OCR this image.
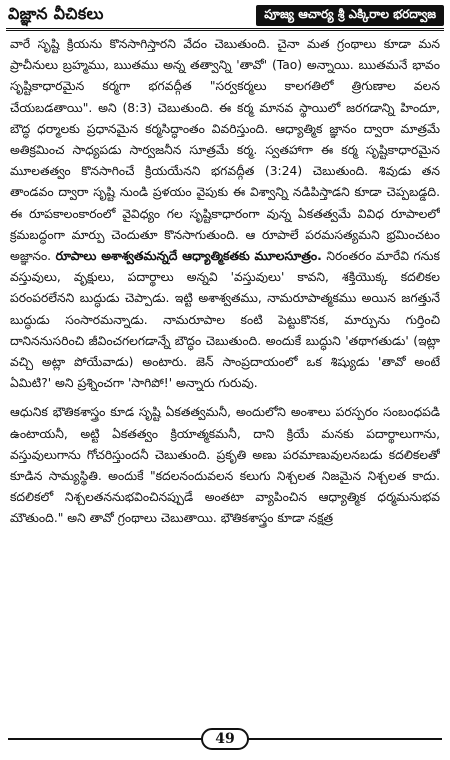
విజ్ఞాన వీచికలు	పూజ్య ఆచార్య శ్రీ ఎక్కిరాల భరద్వాజ

వారే సృష్టి క్రియను కొనసాగిస్తారని వేదం చెబుతుంది. చైనా మత గ్రంథాలు కూడా మన ప్రాచీనులు బ్రహ్మము, ఋతము అన్న తత్వాన్ని 'తావో' (Tao) అన్నాయి. ఋతమనే భావం సృష్టికాధారమైన కర్మగా భగవద్గీత "సర్వకర్మలు కాలగతిలో త్రిగుణాల వలన చేయబడతాయి". అని (8:3) చెబుతుంది. ఈ కర్మ మానవ స్థాయిలో జరగడాన్ని హిందూ, బౌద్ధ ధర్మాలకు ప్రధానమైన కర్మసిద్ధాంతం వివరిస్తుంది. ఆధ్యాత్మిక జ్ఞానం ద్వారా మాత్రమే అతిక్రమించ సాధ్యపడు సార్వజనీన సూత్రమే కర్మ. స్వతహాగా ఈ కర్మ సృష్టికాధారమైన మూలతత్వం కొనసాగించే క్రియయేనని భగవద్గీత (3:24) చెబుతుంది. శివుడు తన తాండవం ద్వారా సృష్టి నుండి ప్రళయం వైపుకు ఈ విశ్వాన్ని నడిపిస్తాడని కూడా చెప్పబడ్డది. ఈ రూపకాలంకారంలో వైవిధ్యం గల సృష్టికాధారంగా వున్న ఏకతత్వమే వివిధ రూపాలలో క్రమబద్ధంగా మార్పు చెందుతూ కొనసాగుతుంది. ఆ రూపాలే పరమసత్యమని భ్రమించటం అజ్ఞానం. రూపాలు అశాశ్వతమన్నదే ఆధ్యాత్మికతకు మూలసూత్రం. నిరంతరం మారేవి గనుక వస్తువులు, వృక్షులు, పదార్థాలు అన్నవి 'వస్తువులు' కావని, శక్తియొక్క కదలికల పరంపరలేనని బుద్ధుడు చెప్పాడు. ఇట్టి అశాశ్వతము, నామరూపాత్మకము అయిన జగత్తునే బుద్ధుడు సంసారమన్నాడు. నామరూపాల కంటి పెట్టుకొనక, మార్పును గుర్తించి దానిననుసరించి జీవించగలగడాన్నే బౌద్ధం చెబుతుంది. అందుకే బుద్ధుని 'తథాగతుడు' (ఇట్లా వచ్చి అట్లా పోయేవాడు) అంటారు. జెన్ సాంప్రదాయంలో ఒక శిష్యుడు 'తావో అంటే ఏమిటి?' అని ప్రశ్నించగా 'సాగిపో!' అన్నారు గురువు.

ఆధునిక భౌతికశాస్త్రం కూడ సృష్టి ఏకతత్వమనీ, అందులోని అంశాలు పరస్పరం సంబంధపడి ఉంటాయనీ, అట్టి ఏకతత్వం క్రియాత్మకమనీ, దాని క్రియే మనకు పదార్థాలుగాను, వస్తువులుగాను గోచరిస్తుందనీ చెబుతుంది. ప్రకృతి అణు పరమాణువులనబడు కదలికలతో కూడిన సామ్యస్థితి. అందుకే "కదలనందువలన కలుగు నిశ్చలత నిజమైన నిశ్చలత కాదు. కదలికలో నిశ్చలతననుభవించినప్పుడే అంతటా వ్యాపించిన ఆధ్యాత్మిక ధర్మమనుభవ మౌతుంది." అని తావో గ్రంథాలు చెబుతాయి. భౌతికశాస్త్రం కూడా నక్షత్ర

49
